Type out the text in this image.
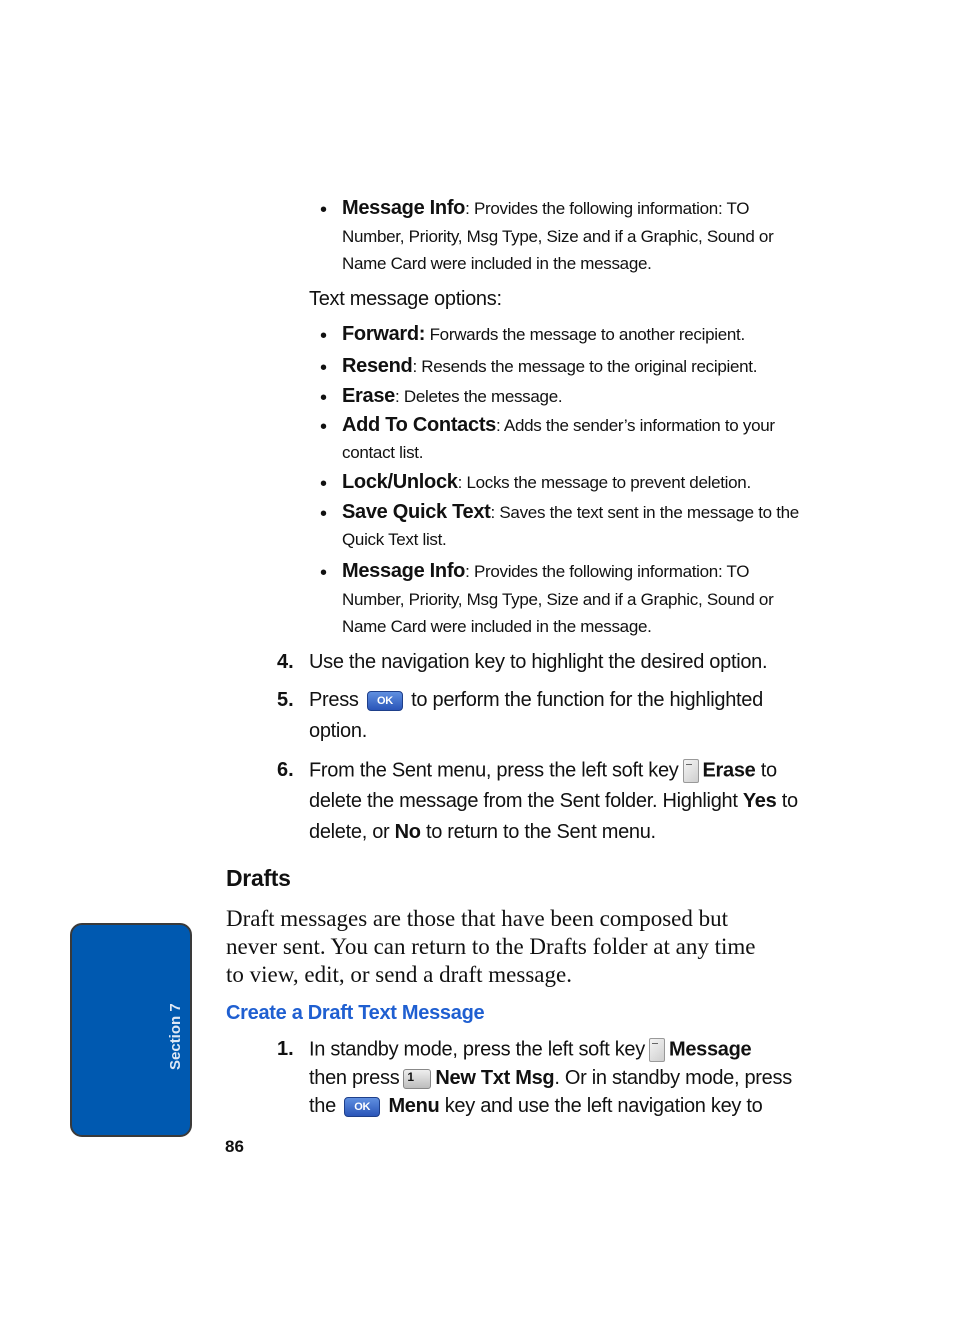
• Message Info: Provides the following information: TO
Number, Priority, Msg Type, Size and if a Graphic, Sound or
Name Card were included in the message.
Text message options:
• Forward: Forwards the message to another recipient.
• Resend: Resends the message to the original recipient.
• Erase: Deletes the message.
• Add To Contacts: Adds the sender’s information to your
contact list.
• Lock/Unlock: Locks the message to prevent deletion.
• Save Quick Text: Saves the text sent in the message to the
Quick Text list.
• Message Info: Provides the following information: TO
Number, Priority, Msg Type, Size and if a Graphic, Sound or
Name Card were included in the message.
4. Use the navigation key to highlight the desired option.
5. Press OK to perform the function for the highlighted
option.
6. From the Sent menu, press the left soft key Erase to
delete the message from the Sent folder. Highlight Yes to
delete, or No to return to the Sent menu.
Drafts
Draft messages are those that have been composed but
never sent. You can return to the Drafts folder at any time
to view, edit, or send a draft message.
Create a Draft Text Message
1. In standby mode, press the left soft key Message
then press 1 New Txt Msg. Or in standby mode, press
the OK Menu key and use the left navigation key to
Section 7
86
